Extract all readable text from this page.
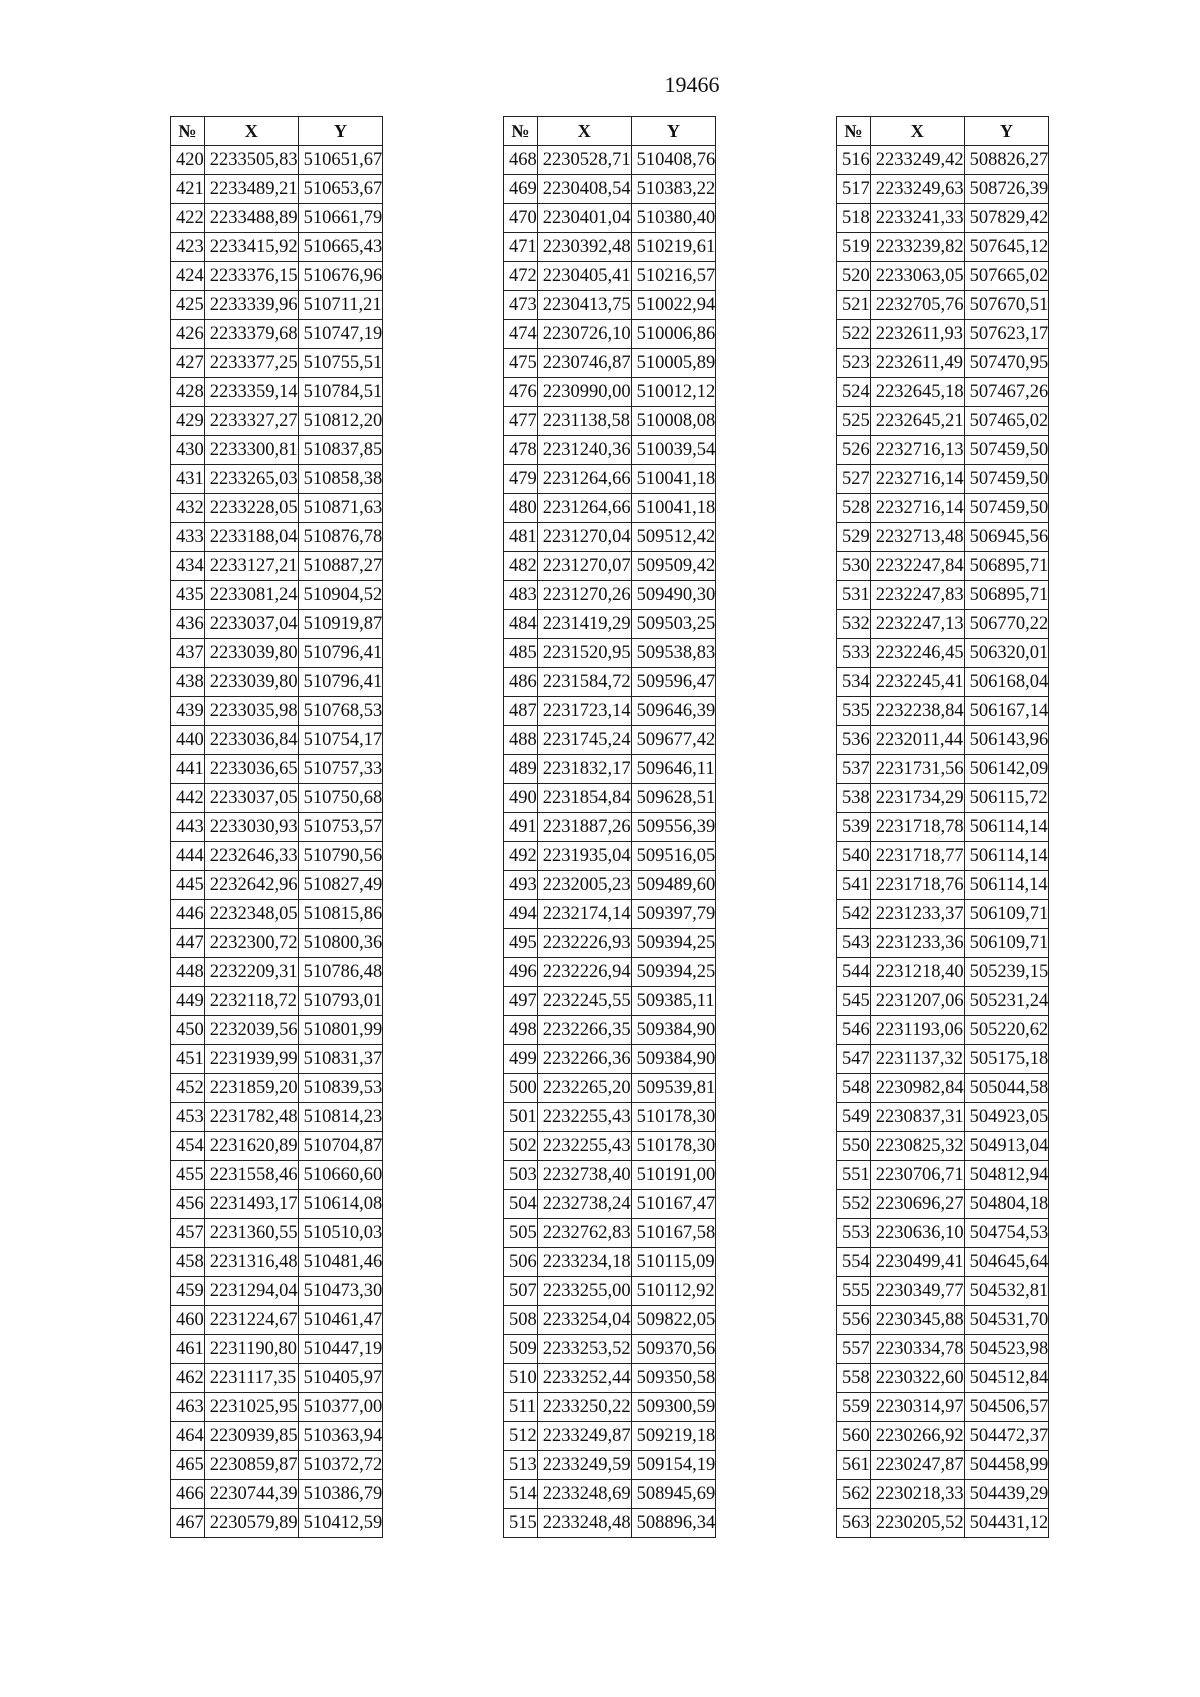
19466
№	X	Y
420	2233505,83	510651,67
421	2233489,21	510653,67
422	2233488,89	510661,79
423	2233415,92	510665,43
424	2233376,15	510676,96
425	2233339,96	510711,21
426	2233379,68	510747,19
427	2233377,25	510755,51
428	2233359,14	510784,51
429	2233327,27	510812,20
430	2233300,81	510837,85
431	2233265,03	510858,38
432	2233228,05	510871,63
433	2233188,04	510876,78
434	2233127,21	510887,27
435	2233081,24	510904,52
436	2233037,04	510919,87
437	2233039,80	510796,41
438	2233039,80	510796,41
439	2233035,98	510768,53
440	2233036,84	510754,17
441	2233036,65	510757,33
442	2233037,05	510750,68
443	2233030,93	510753,57
444	2232646,33	510790,56
445	2232642,96	510827,49
446	2232348,05	510815,86
447	2232300,72	510800,36
448	2232209,31	510786,48
449	2232118,72	510793,01
450	2232039,56	510801,99
451	2231939,99	510831,37
452	2231859,20	510839,53
453	2231782,48	510814,23
454	2231620,89	510704,87
455	2231558,46	510660,60
456	2231493,17	510614,08
457	2231360,55	510510,03
458	2231316,48	510481,46
459	2231294,04	510473,30
460	2231224,67	510461,47
461	2231190,80	510447,19
462	2231117,35	510405,97
463	2231025,95	510377,00
464	2230939,85	510363,94
465	2230859,87	510372,72
466	2230744,39	510386,79
467	2230579,89	510412,59
№	X	Y
468	2230528,71	510408,76
469	2230408,54	510383,22
470	2230401,04	510380,40
471	2230392,48	510219,61
472	2230405,41	510216,57
473	2230413,75	510022,94
474	2230726,10	510006,86
475	2230746,87	510005,89
476	2230990,00	510012,12
477	2231138,58	510008,08
478	2231240,36	510039,54
479	2231264,66	510041,18
480	2231264,66	510041,18
481	2231270,04	509512,42
482	2231270,07	509509,42
483	2231270,26	509490,30
484	2231419,29	509503,25
485	2231520,95	509538,83
486	2231584,72	509596,47
487	2231723,14	509646,39
488	2231745,24	509677,42
489	2231832,17	509646,11
490	2231854,84	509628,51
491	2231887,26	509556,39
492	2231935,04	509516,05
493	2232005,23	509489,60
494	2232174,14	509397,79
495	2232226,93	509394,25
496	2232226,94	509394,25
497	2232245,55	509385,11
498	2232266,35	509384,90
499	2232266,36	509384,90
500	2232265,20	509539,81
501	2232255,43	510178,30
502	2232255,43	510178,30
503	2232738,40	510191,00
504	2232738,24	510167,47
505	2232762,83	510167,58
506	2233234,18	510115,09
507	2233255,00	510112,92
508	2233254,04	509822,05
509	2233253,52	509370,56
510	2233252,44	509350,58
511	2233250,22	509300,59
512	2233249,87	509219,18
513	2233249,59	509154,19
514	2233248,69	508945,69
515	2233248,48	508896,34
№	X	Y
516	2233249,42	508826,27
517	2233249,63	508726,39
518	2233241,33	507829,42
519	2233239,82	507645,12
520	2233063,05	507665,02
521	2232705,76	507670,51
522	2232611,93	507623,17
523	2232611,49	507470,95
524	2232645,18	507467,26
525	2232645,21	507465,02
526	2232716,13	507459,50
527	2232716,14	507459,50
528	2232716,14	507459,50
529	2232713,48	506945,56
530	2232247,84	506895,71
531	2232247,83	506895,71
532	2232247,13	506770,22
533	2232246,45	506320,01
534	2232245,41	506168,04
535	2232238,84	506167,14
536	2232011,44	506143,96
537	2231731,56	506142,09
538	2231734,29	506115,72
539	2231718,78	506114,14
540	2231718,77	506114,14
541	2231718,76	506114,14
542	2231233,37	506109,71
543	2231233,36	506109,71
544	2231218,40	505239,15
545	2231207,06	505231,24
546	2231193,06	505220,62
547	2231137,32	505175,18
548	2230982,84	505044,58
549	2230837,31	504923,05
550	2230825,32	504913,04
551	2230706,71	504812,94
552	2230696,27	504804,18
553	2230636,10	504754,53
554	2230499,41	504645,64
555	2230349,77	504532,81
556	2230345,88	504531,70
557	2230334,78	504523,98
558	2230322,60	504512,84
559	2230314,97	504506,57
560	2230266,92	504472,37
561	2230247,87	504458,99
562	2230218,33	504439,29
563	2230205,52	504431,12
